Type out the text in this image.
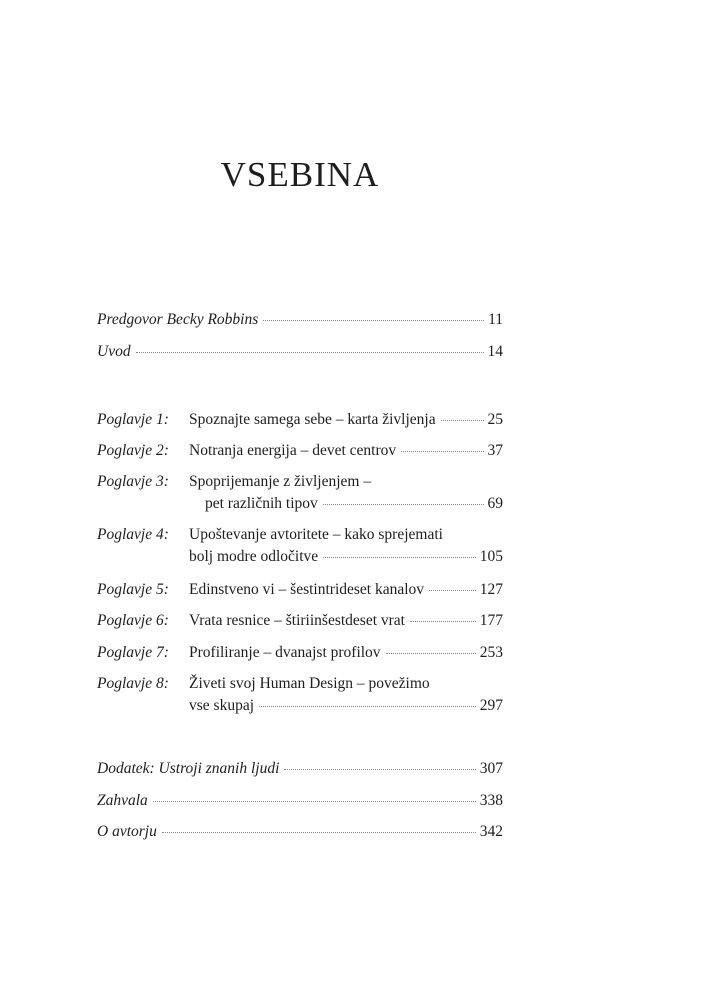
VSEBINA
Predgovor Becky Robbins	11
Uvod	14
Poglavje 1: Spoznajte samega sebe – karta življenja	25
Poglavje 2: Notranja energija – devet centrov	37
Poglavje 3: Spoprijemanje z življenjem –
pet različnih tipov	69
Poglavje 4: Upoštevanje avtoritete – kako sprejemati
bolj modre odločitve	105
Poglavje 5: Edinstveno vi – šestintrideset kanalov	127
Poglavje 6: Vrata resnice – štiriinšestdeset vrat	177
Poglavje 7: Profiliranje – dvanajst profilov	253
Poglavje 8: Živeti svoj Human Design – povežimo
vse skupaj	297
Dodatek: Ustroji znanih ljudi	307
Zahvala	338
O avtorju	342
